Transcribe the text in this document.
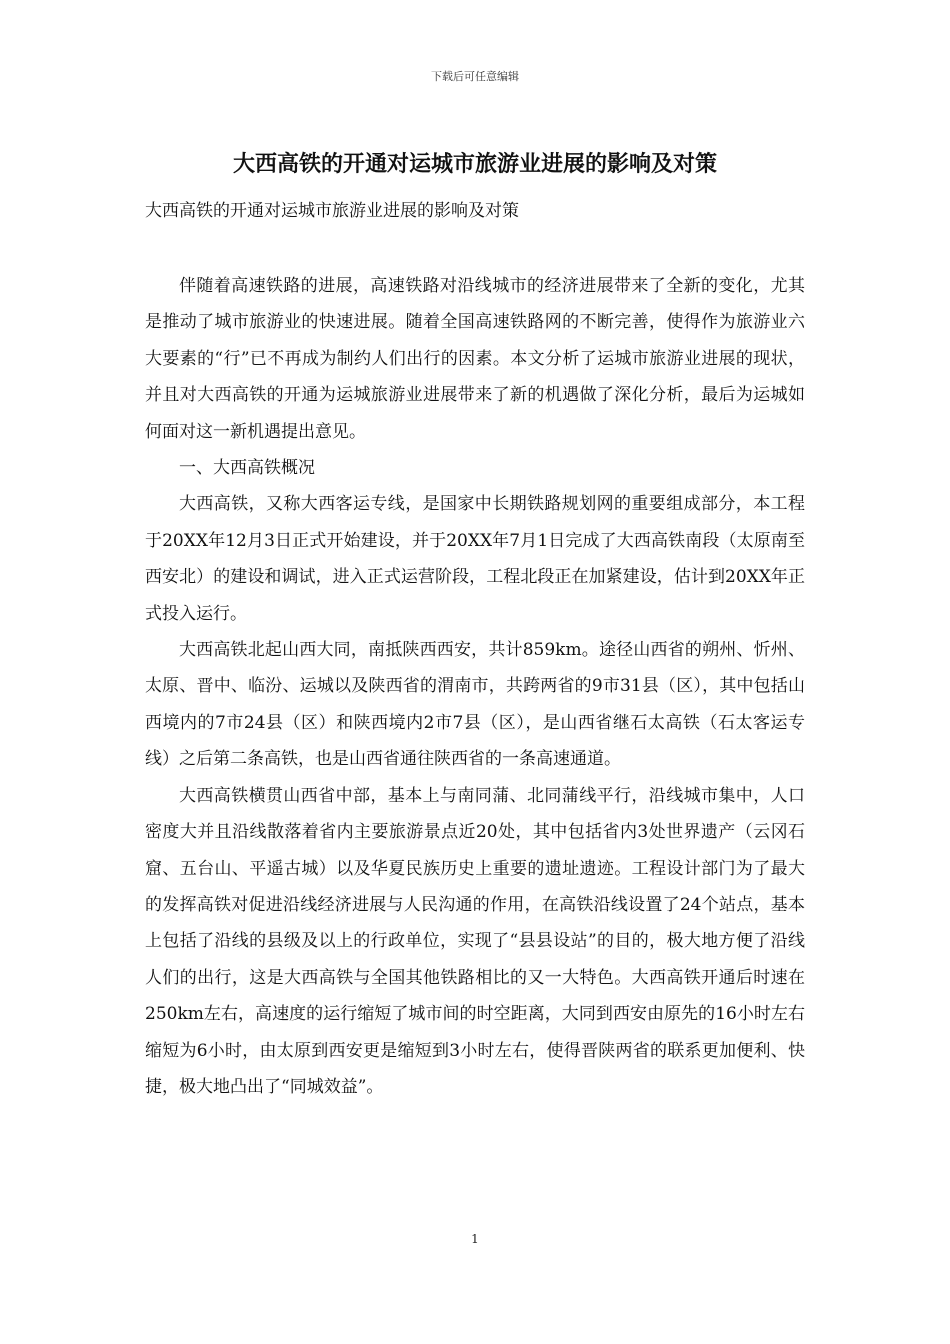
下载后可任意编辑
大西高铁的开通对运城市旅游业进展的影响及对策
大西高铁的开通对运城市旅游业进展的影响及对策

伴随着高速铁路的进展，高速铁路对沿线城市的经济进展带来了全新的变化，尤其是推动了城市旅游业的快速进展。随着全国高速铁路网的不断完善，使得作为旅游业六大要素的“行”已不再成为制约人们出行的因素。本文分析了运城市旅游业进展的现状，并且对大西高铁的开通为运城旅游业进展带来了新的机遇做了深化分析，最后为运城如何面对这一新机遇提出意见。

一、大西高铁概况

大西高铁，又称大西客运专线，是国家中长期铁路规划网的重要组成部分，本工程于20XX年12月3日正式开始建设，并于20XX年7月1日完成了大西高铁南段（太原南至西安北）的建设和调试，进入正式运营阶段，工程北段正在加紧建设，估计到20XX年正式投入运行。

大西高铁北起山西大同，南抵陕西西安，共计859km。途径山西省的朔州、忻州、太原、晋中、临汾、运城以及陕西省的渭南市，共跨两省的9市31县（区），其中包括山西境内的7市24县（区）和陕西境内2市7县（区），是山西省继石太高铁（石太客运专线）之后第二条高铁，也是山西省通往陕西省的一条高速通道。

大西高铁横贯山西省中部，基本上与南同蒲、北同蒲线平行，沿线城市集中，人口密度大并且沿线散落着省内主要旅游景点近20处，其中包括省内3处世界遗产（云冈石窟、五台山、平遥古城）以及华夏民族历史上重要的遗址遗迹。工程设计部门为了最大的发挥高铁对促进沿线经济进展与人民沟通的作用，在高铁沿线设置了24个站点，基本上包括了沿线的县级及以上的行政单位，实现了“县县设站”的目的，极大地方便了沿线人们的出行，这是大西高铁与全国其他铁路相比的又一大特色。大西高铁开通后时速在250km左右，高速度的运行缩短了城市间的时空距离，大同到西安由原先的16小时左右缩短为6小时，由太原到西安更是缩短到3小时左右，使得晋陕两省的联系更加便利、快捷，极大地凸出了“同城效益”。

1
